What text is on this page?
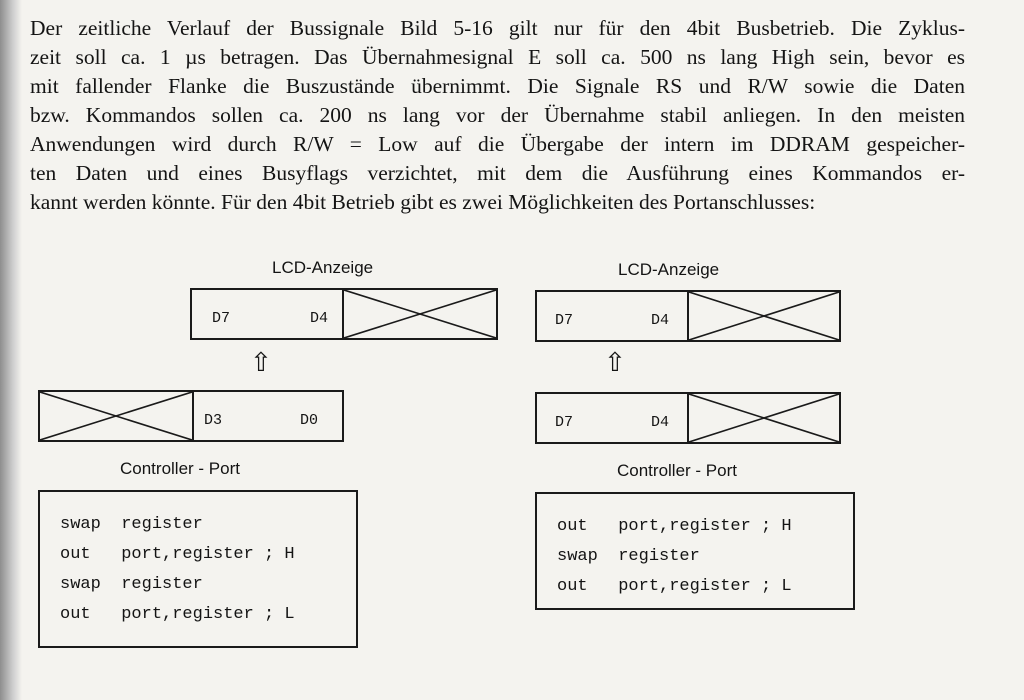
Der zeitliche Verlauf der Bussignale Bild 5-16 gilt nur für den 4bit Busbetrieb. Die Zyklus-
zeit soll ca. 1 µs betragen. Das Übernahmesignal E soll ca. 500 ns lang High sein, bevor es
mit fallender Flanke die Buszustände übernimmt. Die Signale RS und R/W sowie die Daten
bzw. Kommandos sollen ca. 200 ns lang vor der Übernahme stabil anliegen. In den meisten
Anwendungen wird durch R/W = Low auf die Übergabe der intern im DDRAM gespeicher-
ten Daten und eines Busyflags verzichtet, mit dem die Ausführung eines Kommandos er-
kannt werden könnte. Für den 4bit Betrieb gibt es zwei Möglichkeiten des Portanschlusses:
LCD-Anzeige
D7	D4
⇧
D3	D0
Controller - Port
swap  register
out   port,register ; H
swap  register
out   port,register ; L
LCD-Anzeige
D7	D4
⇧
D7	D4
Controller - Port
out   port,register ; H
swap  register
out   port,register ; L
